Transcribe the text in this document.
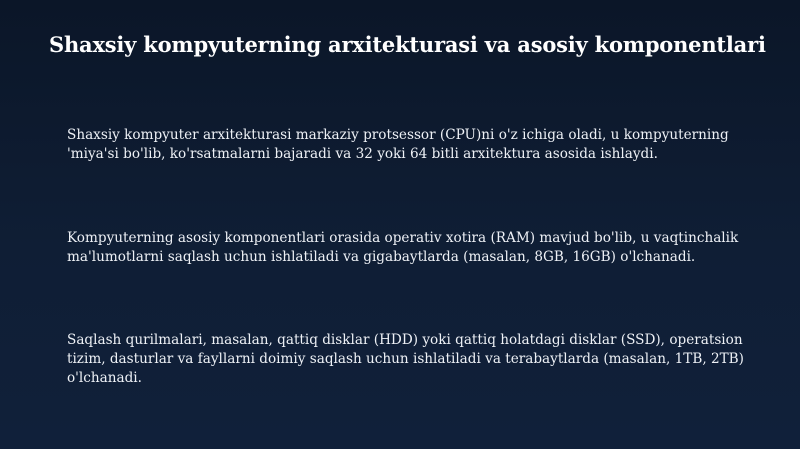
Shaxsiy kompyuterning arxitekturasi va asosiy komponentlari

Shaxsiy kompyuter arxitekturasi markaziy protsessor (CPU)ni o'z ichiga oladi, u kompyuterning 'miya'si bo'lib, ko'rsatmalarni bajaradi va 32 yoki 64 bitli arxitektura asosida ishlaydi.

Kompyuterning asosiy komponentlari orasida operativ xotira (RAM) mavjud bo'lib, u vaqtinchalik ma'lumotlarni saqlash uchun ishlatiladi va gigabaytlarda (masalan, 8GB, 16GB) o'lchanadi.

Saqlash qurilmalari, masalan, qattiq disklar (HDD) yoki qattiq holatdagi disklar (SSD), operatsion tizim, dasturlar va fayllarni doimiy saqlash uchun ishlatiladi va terabaytlarda (masalan, 1TB, 2TB) o'lchanadi.
